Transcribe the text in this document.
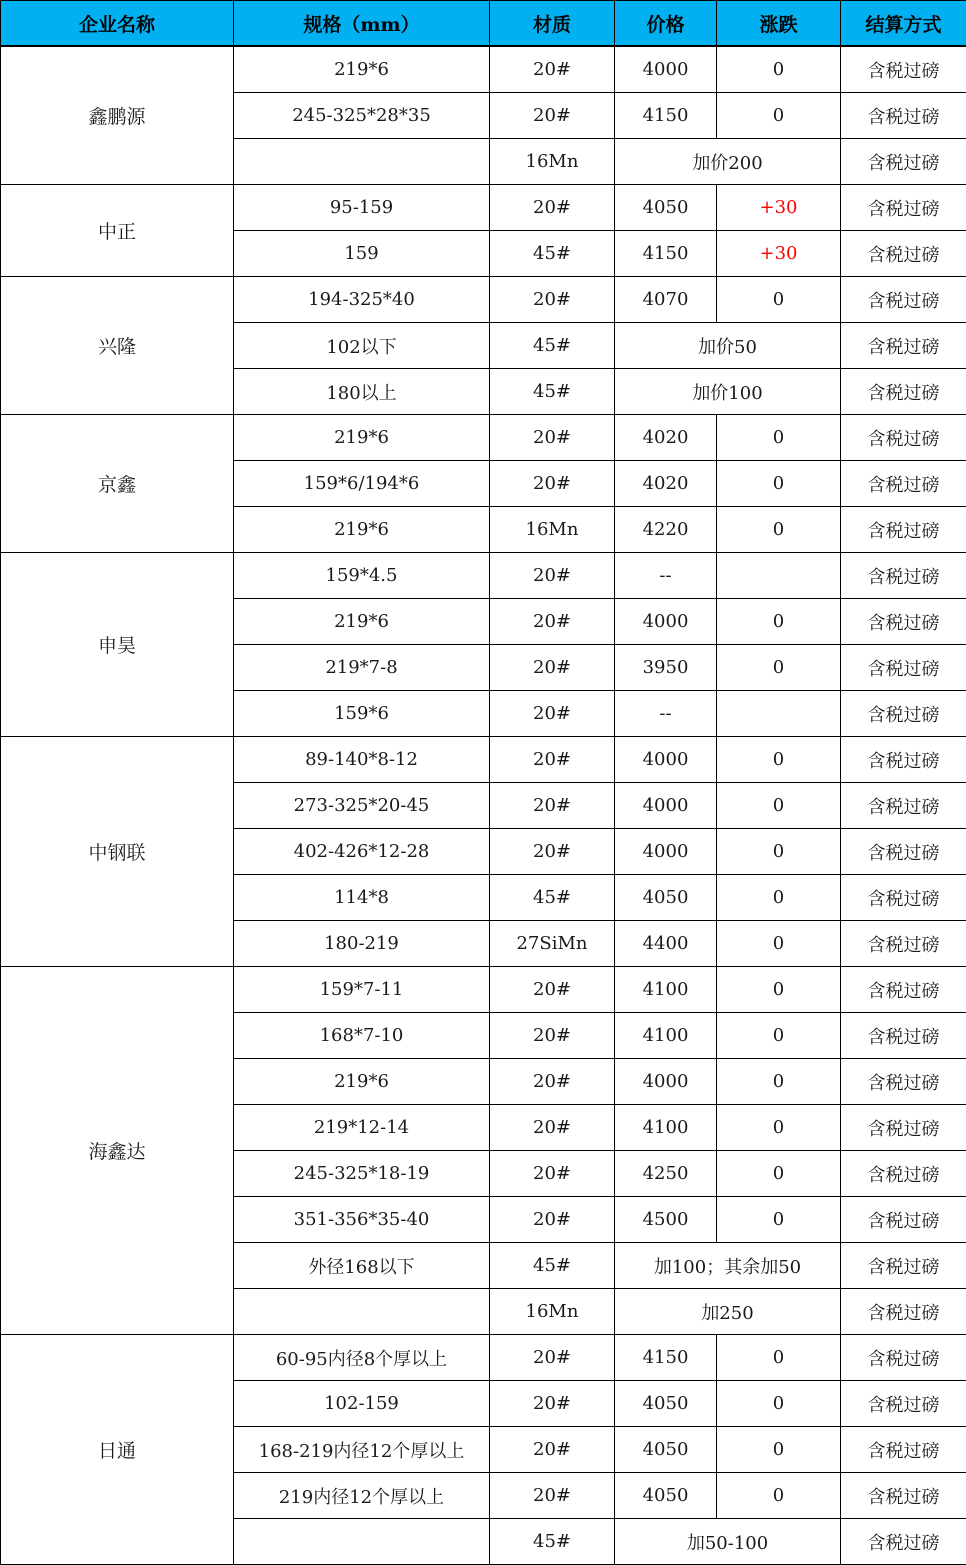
企业名称	规格（mm）	材质	价格	涨跌	结算方式
鑫鹏源	219*6	20#	4000	0	含税过磅
	245-325*28*35	20#	4150	0	含税过磅
		16Mn	加价200		含税过磅
中正	95-159	20#	4050	+30	含税过磅
	159	45#	4150	+30	含税过磅
兴隆	194-325*40	20#	4070	0	含税过磅
	102以下	45#	加价50		含税过磅
	180以上	45#	加价100		含税过磅
京鑫	219*6	20#	4020	0	含税过磅
	159*6/194*6	20#	4020	0	含税过磅
	219*6	16Mn	4220	0	含税过磅
申昊	159*4.5	20#	--		含税过磅
	219*6	20#	4000	0	含税过磅
	219*7-8	20#	3950	0	含税过磅
	159*6	20#	--		含税过磅
中钢联	89-140*8-12	20#	4000	0	含税过磅
	273-325*20-45	20#	4000	0	含税过磅
	402-426*12-28	20#	4000	0	含税过磅
	114*8	45#	4050	0	含税过磅
	180-219	27SiMn	4400	0	含税过磅
海鑫达	159*7-11	20#	4100	0	含税过磅
	168*7-10	20#	4100	0	含税过磅
	219*6	20#	4000	0	含税过磅
	219*12-14	20#	4100	0	含税过磅
	245-325*18-19	20#	4250	0	含税过磅
	351-356*35-40	20#	4500	0	含税过磅
	外径168以下	45#	加100；其余加50		含税过磅
		16Mn	加250		含税过磅
日通	60-95内径8个厚以上	20#	4150	0	含税过磅
	102-159	20#	4050	0	含税过磅
	168-219内径12个厚以上	20#	4050	0	含税过磅
	219内径12个厚以上	20#	4050	0	含税过磅
		45#	加50-100		含税过磅
